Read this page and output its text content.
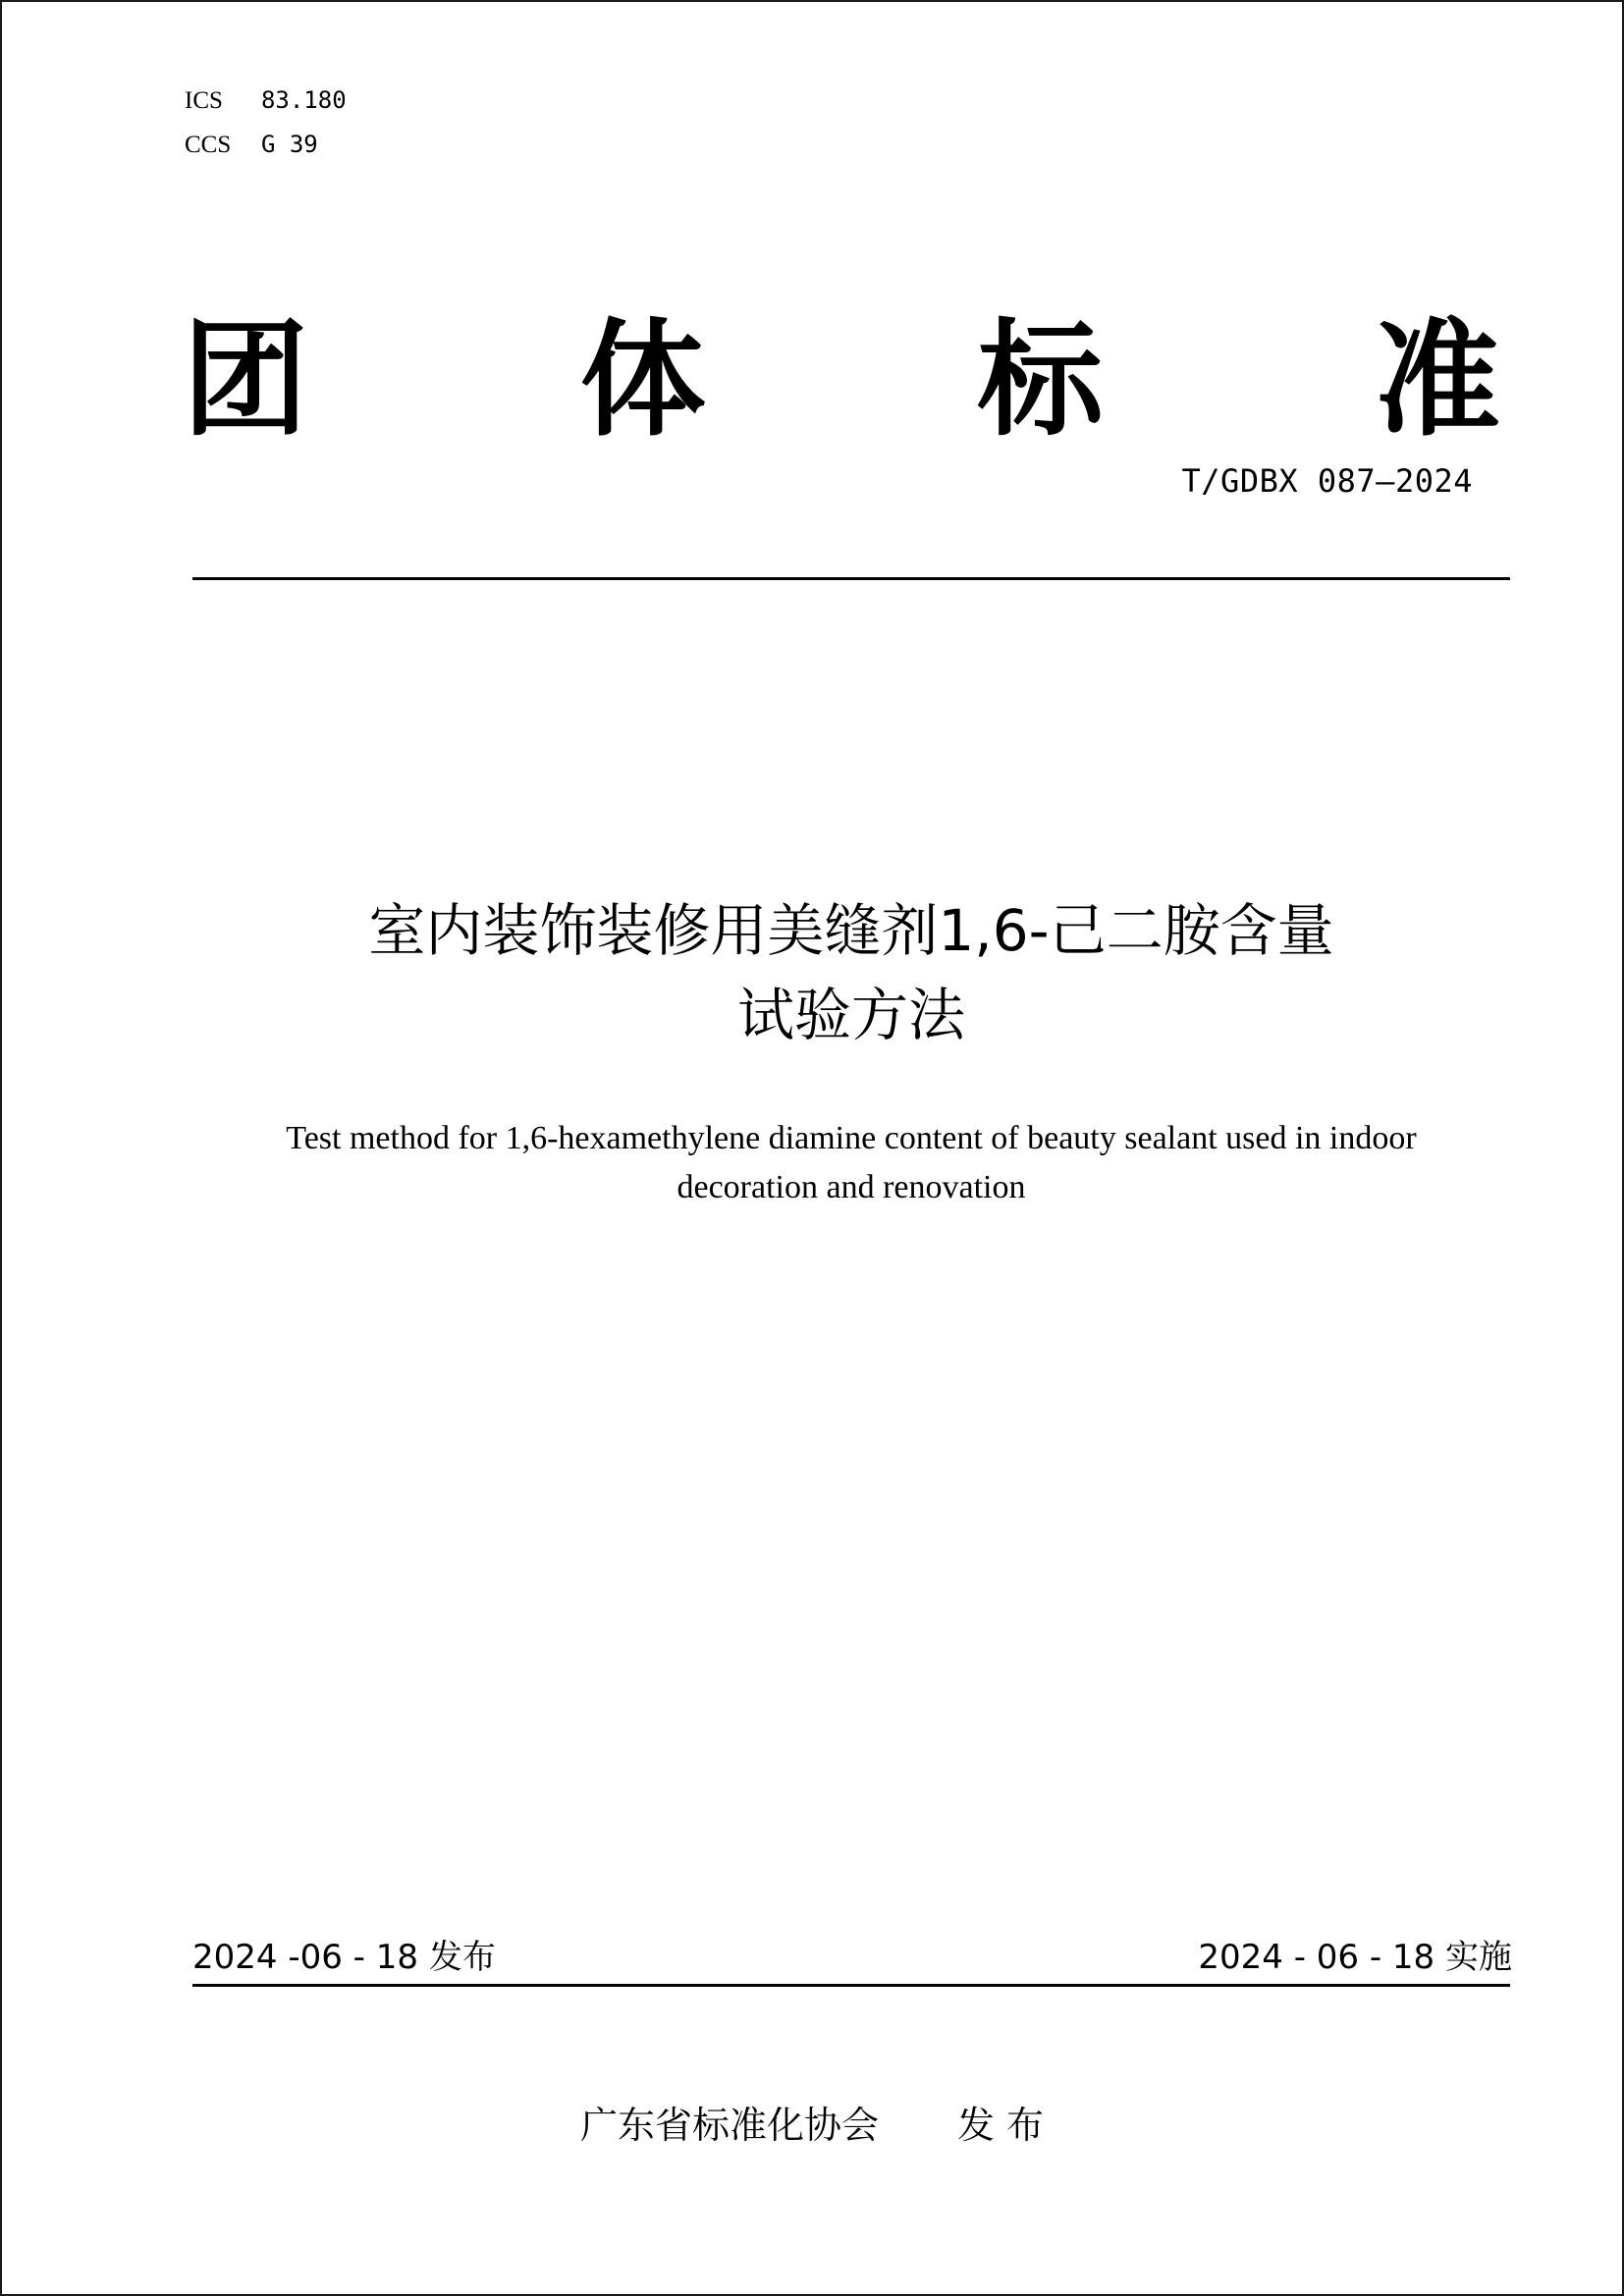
ICS 83.180
CCS G 39
团 体 标 准
T/GDBX 087—2024
室内装饰装修用美缝剂1,6-己二胺含量
试验方法
Test method for 1,6-hexamethylene diamine content of beauty sealant used in indoor
decoration and renovation
2024 -06 - 18 发布	2024 - 06 - 18 实施
广东省标准化协会 发 布
